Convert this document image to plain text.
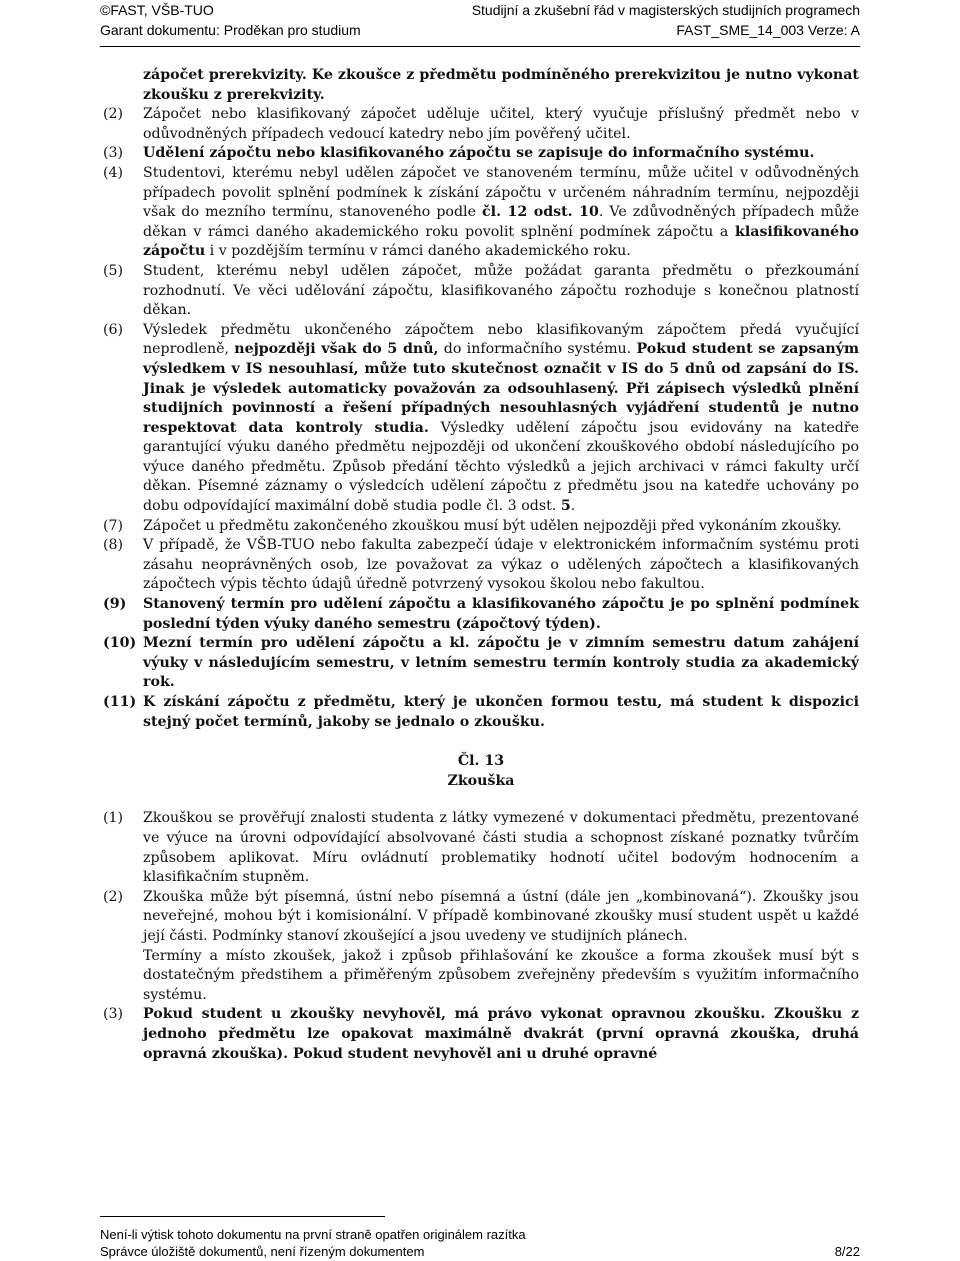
©FAST, VŠB-TUO	Studijní a zkušební řád v magisterských studijních programech
Garant dokumentu: Proděkan pro studium	FAST_SME_14_003 Verze: A
zápočet prerekvizity. Ke zkoušce z předmětu podmíněného prerekvizitou je nutno vykonat zkoušku z prerekvizity.
(2)	Zápočet nebo klasifikovaný zápočet uděluje učitel, který vyučuje příslušný předmět nebo v odůvodněných případech vedoucí katedry nebo jím pověřený učitel.
(3)	Udělení zápočtu nebo klasifikovaného zápočtu se zapisuje do informačního systému.
(4)	Studentovi, kterému nebyl udělen zápočet ve stanoveném termínu, může učitel v odůvodněných případech povolit splnění podmínek k získání zápočtu v určeném náhradním termínu, nejpozději však do mezního termínu, stanoveného podle čl. 12 odst. 10. Ve zdůvodněných případech může děkan v rámci daného akademického roku povolit splnění podmínek zápočtu a klasifikovaného zápočtu i v pozdějším termínu v rámci daného akademického roku.
(5)	Student, kterému nebyl udělen zápočet, může požádat garanta předmětu o přezkoumání rozhodnutí. Ve věci udělování zápočtu, klasifikovaného zápočtu rozhoduje s konečnou platností děkan.
(6)	Výsledek předmětu ukončeného zápočtem nebo klasifikovaným zápočtem předá vyučující neprodleně, nejpozději však do 5 dnů, do informačního systému. Pokud student se zapsaným výsledkem v IS nesouhlasí, může tuto skutečnost označit v IS do 5 dnů od zapsání do IS. Jinak je výsledek automaticky považován za odsouhlasený. Při zápisech výsledků plnění studijních povinností a řešení případných nesouhlasných vyjádření studentů je nutno respektovat data kontroly studia. Výsledky udělení zápočtu jsou evidovány na katedře garantující výuku daného předmětu nejpozději od ukončení zkouškového období následujícího po výuce daného předmětu. Způsob předání těchto výsledků a jejich archivaci v rámci fakulty určí děkan. Písemné záznamy o výsledcích udělení zápočtu z předmětu jsou na katedře uchovány po dobu odpovídající maximální době studia podle čl. 3 odst. 5.
(7)	Zápočet u předmětu zakončeného zkouškou musí být udělen nejpozději před vykonáním zkoušky.
(8)	V případě, že VŠB-TUO nebo fakulta zabezpečí údaje v elektronickém informačním systému proti zásahu neoprávněných osob, lze považovat za výkaz o udělených zápočtech a klasifikovaných zápočtech výpis těchto údajů úředně potvrzený vysokou školou nebo fakultou.
(9)	Stanovený termín pro udělení zápočtu a klasifikovaného zápočtu je po splnění podmínek poslední týden výuky daného semestru (zápočtový týden).
(10) Mezní termín pro udělení zápočtu a kl. zápočtu je v zimním semestru datum zahájení výuky v následujícím semestru, v letním semestru termín kontroly studia za akademický rok.
(11) K získání zápočtu z předmětu, který je ukončen formou testu, má student k dispozici stejný počet termínů, jakoby se jednalo o zkoušku.
Čl. 13
Zkouška
(1)	Zkouškou se prověřují znalosti studenta z látky vymezené v dokumentaci předmětu, prezentované ve výuce na úrovni odpovídající absolvované části studia a schopnost získané poznatky tvůrčím způsobem aplikovat. Míru ovládnutí problematiky hodnotí učitel bodovým hodnocením a klasifikačním stupněm.
(2)	Zkouška může být písemná, ústní nebo písemná a ústní (dále jen „kombinovaná“). Zkoušky jsou neveřejné, mohou být i komisionální. V případě kombinované zkoušky musí student uspět u každé její části. Podmínky stanoví zkoušející a jsou uvedeny ve studijních plánech.
Termíny a místo zkoušek, jakož i způsob přihlašování ke zkoušce a forma zkoušek musí být s dostatečným předstihem a přiměřeným způsobem zveřejněny především s využitím informačního systému.
(3)	Pokud student u zkoušky nevyhověl, má právo vykonat opravnou zkoušku. Zkoušku z jednoho předmětu lze opakovat maximálně dvakrát (první opravná zkouška, druhá opravná zkouška). Pokud student nevyhověl ani u druhé opravné
Není-li výtisk tohoto dokumentu na první straně opatřen originálem razítka
Správce úložiště dokumentů, není řízeným dokumentem	8/22
